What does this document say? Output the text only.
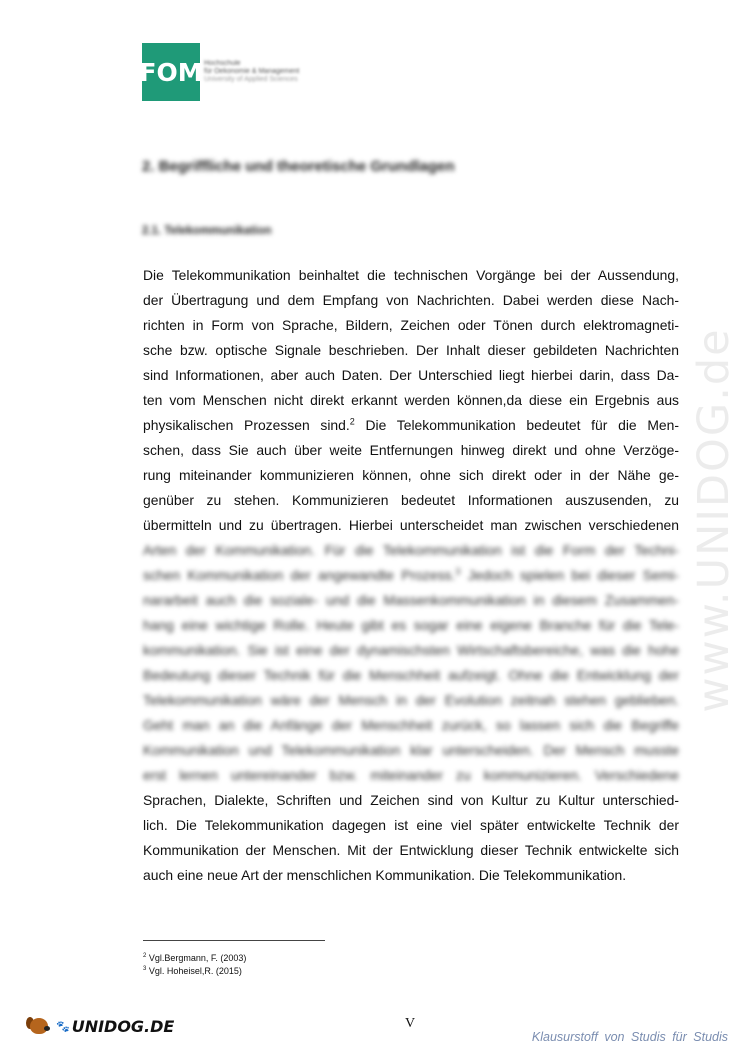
FOM Hochschule
für Oekonomie & Management
University of Applied Sciences
2. Begriffliche und theoretische Grundlagen
2.1. Telekommunikation
www.UNIDOG.de
Die Telekommunikation beinhaltet die technischen Vorgänge bei der Aussendung,
der Übertragung und dem Empfang von Nachrichten. Dabei werden diese Nach-
richten in Form von Sprache, Bildern, Zeichen oder Tönen durch elektromagneti-
sche bzw. optische Signale beschrieben. Der Inhalt dieser gebildeten Nachrichten
sind Informationen, aber auch Daten. Der Unterschied liegt hierbei darin, dass Da-
ten vom Menschen nicht direkt erkannt werden können,da diese ein Ergebnis aus
physikalischen Prozessen sind.$^2$ Die Telekommunikation bedeutet für die Men-
schen, dass Sie auch über weite Entfernungen hinweg direkt und ohne Verzöge-
rung miteinander kommunizieren können, ohne sich direkt oder in der Nähe ge-
genüber zu stehen. Kommunizieren bedeutet Informationen auszusenden, zu
übermitteln und zu übertragen. Hierbei unterscheidet man zwischen verschiedenen
Arten der Kommunikation. Für die Telekommunikation ist die Form der Techni-
schen Kommunikation der angewandte Prozess.$^3$ Jedoch spielen bei dieser Semi-
nararbeit auch die soziale- und die Massenkommunikation in diesem Zusammen-
hang eine wichtige Rolle. Heute gibt es sogar eine eigene Branche für die Tele-
kommunikation. Sie ist eine der dynamischsten Wirtschaftsbereiche, was die hohe
Bedeutung dieser Technik für die Menschheit aufzeigt. Ohne die Entwicklung der
Telekommunikation wäre der Mensch in der Evolution zeitnah stehen geblieben.
Geht man an die Anfänge der Menschheit zurück, so lassen sich die Begriffe
Kommunikation und Telekommunikation klar unterscheiden. Der Mensch musste
erst lernen untereinander bzw. miteinander zu kommunizieren. Verschiedene
Sprachen, Dialekte, Schriften und Zeichen sind von Kultur zu Kultur unterschied-
lich. Die Telekommunikation dagegen ist eine viel später entwickelte Technik der
Kommunikation der Menschen. Mit der Entwicklung dieser Technik entwickelte sich
auch eine neue Art der menschlichen Kommunikation. Die Telekommunikation.
$^2$ Vgl.Bergmann, F. (2003)
$^3$ Vgl. Hoheisel,R. (2015)
V
🐾 UNIDOG.DE
Klausurstoff von Studis für Studis
